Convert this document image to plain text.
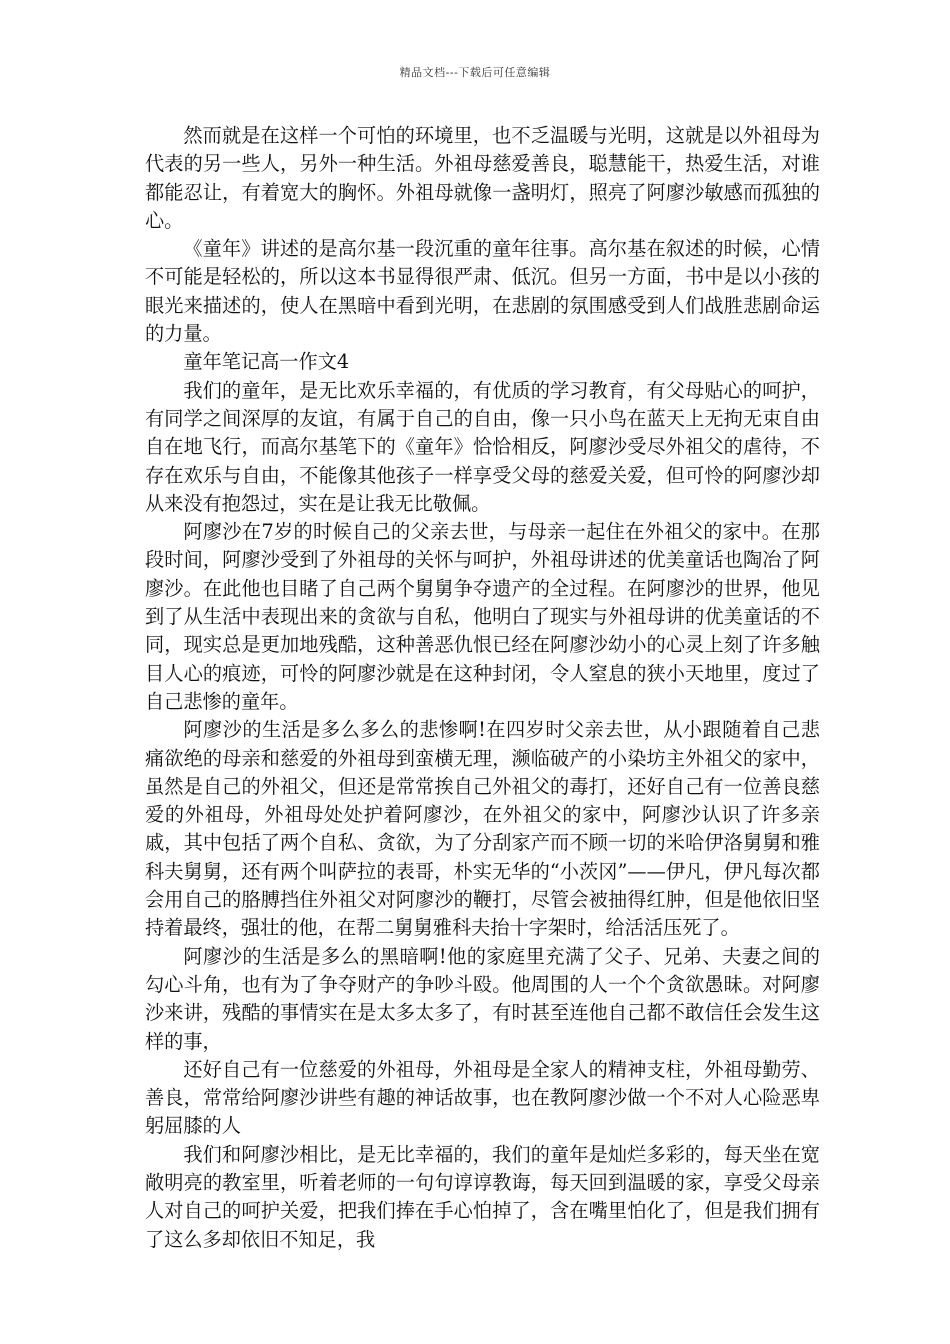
精品文档---下载后可任意编辑

然而就是在这样一个可怕的环境里，也不乏温暖与光明，这就是以外祖母为代表的另一些人，另外一种生活。外祖母慈爱善良，聪慧能干，热爱生活，对谁都能忍让，有着宽大的胸怀。外祖母就像一盏明灯，照亮了阿廖沙敏感而孤独的心。

《童年》讲述的是高尔基一段沉重的童年往事。高尔基在叙述的时候，心情不可能是轻松的，所以这本书显得很严肃、低沉。但另一方面，书中是以小孩的眼光来描述的，使人在黑暗中看到光明，在悲剧的氛围感受到人们战胜悲剧命运的力量。

童年笔记高一作文4

我们的童年，是无比欢乐幸福的，有优质的学习教育，有父母贴心的呵护，有同学之间深厚的友谊，有属于自己的自由，像一只小鸟在蓝天上无拘无束自由自在地飞行，而高尔基笔下的《童年》恰恰相反，阿廖沙受尽外祖父的虐待，不存在欢乐与自由，不能像其他孩子一样享受父母的慈爱关爱，但可怜的阿廖沙却从来没有抱怨过，实在是让我无比敬佩。

阿廖沙在7岁的时候自己的父亲去世，与母亲一起住在外祖父的家中。在那段时间，阿廖沙受到了外祖母的关怀与呵护，外祖母讲述的优美童话也陶冶了阿廖沙。在此他也目睹了自己两个舅舅争夺遗产的全过程。在阿廖沙的世界，他见到了从生活中表现出来的贪欲与自私，他明白了现实与外祖母讲的优美童话的不同，现实总是更加地残酷，这种善恶仇恨已经在阿廖沙幼小的心灵上刻了许多触目人心的痕迹，可怜的阿廖沙就是在这种封闭，令人窒息的狭小天地里，度过了自己悲惨的童年。

阿廖沙的生活是多么多么的悲惨啊!在四岁时父亲去世，从小跟随着自己悲痛欲绝的母亲和慈爱的外祖母到蛮横无理，濒临破产的小染坊主外祖父的家中，虽然是自己的外祖父，但还是常常挨自己外祖父的毒打，还好自己有一位善良慈爱的外祖母，外祖母处处护着阿廖沙，在外祖父的家中，阿廖沙认识了许多亲戚，其中包括了两个自私、贪欲，为了分刮家产而不顾一切的米哈伊洛舅舅和雅科夫舅舅，还有两个叫萨拉的表哥，朴实无华的“小茨冈”——伊凡，伊凡每次都会用自己的胳膊挡住外祖父对阿廖沙的鞭打，尽管会被抽得红肿，但是他依旧坚持着最终，强壮的他，在帮二舅舅雅科夫抬十字架时，给活活压死了。

阿廖沙的生活是多么的黑暗啊!他的家庭里充满了父子、兄弟、夫妻之间的勾心斗角，也有为了争夺财产的争吵斗殴。他周围的人一个个贪欲愚昧。对阿廖沙来讲，残酷的事情实在是太多太多了，有时甚至连他自己都不敢信任会发生这样的事，

还好自己有一位慈爱的外祖母，外祖母是全家人的精神支柱，外祖母勤劳、善良，常常给阿廖沙讲些有趣的神话故事，也在教阿廖沙做一个不对人心险恶卑躬屈膝的人

我们和阿廖沙相比，是无比幸福的，我们的童年是灿烂多彩的，每天坐在宽敞明亮的教室里，听着老师的一句句谆谆教诲，每天回到温暖的家，享受父母亲人对自己的呵护关爱，把我们捧在手心怕掉了，含在嘴里怕化了，但是我们拥有了这么多却依旧不知足，我
